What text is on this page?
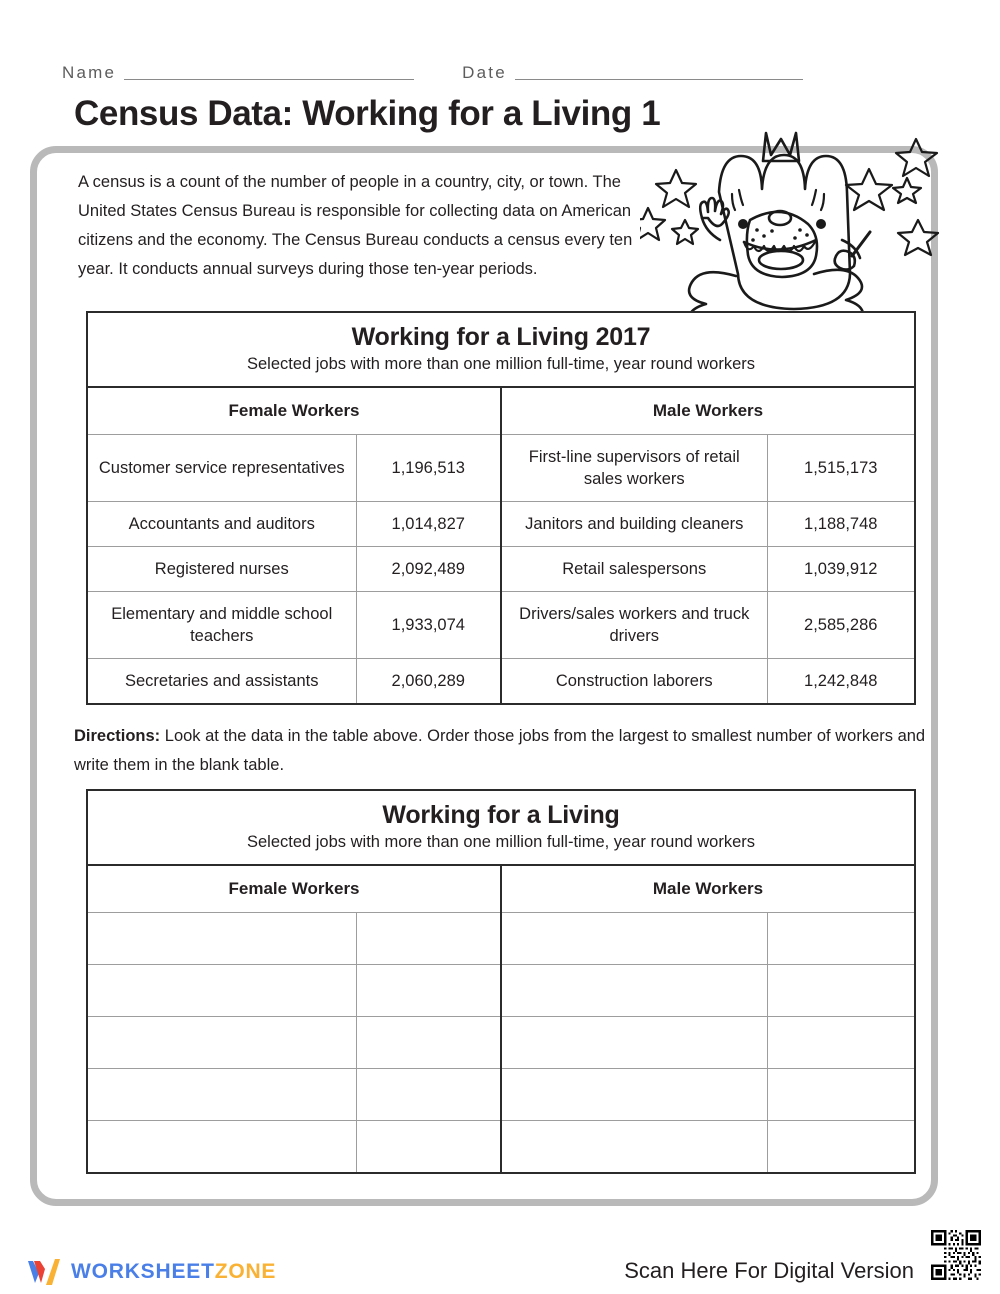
Name	Date
Census Data: Working for a Living 1

A census is a count of the number of people in a country, city, or town. The United States Census Bureau is responsible for collecting data on American citizens and the economy. The Census Bureau conducts a census every ten year. It conducts annual surveys during those ten-year periods.

Working for a Living 2017
Selected jobs with more than one million full-time, year round workers			

Female Workers		Male Workers	
Customer service representatives	1,196,513	First-line supervisors of retail sales workers	1,515,173
Accountants and auditors	1,014,827	Janitors and building cleaners	1,188,748
Registered nurses	2,092,489	Retail salespersons	1,039,912
Elementary and middle school teachers	1,933,074	Drivers/sales workers and truck drivers	2,585,286
Secretaries and assistants	2,060,289	Construction laborers	1,242,848
Directions: Look at the data in the table above. Order those jobs from the largest to smallest number of workers and write them in the blank table.
Working for a Living
Selected jobs with more than one million full-time, year round workers			

Female Workers		Male Workers	

WORKSHEETZONE	Scan Here For Digital Version
